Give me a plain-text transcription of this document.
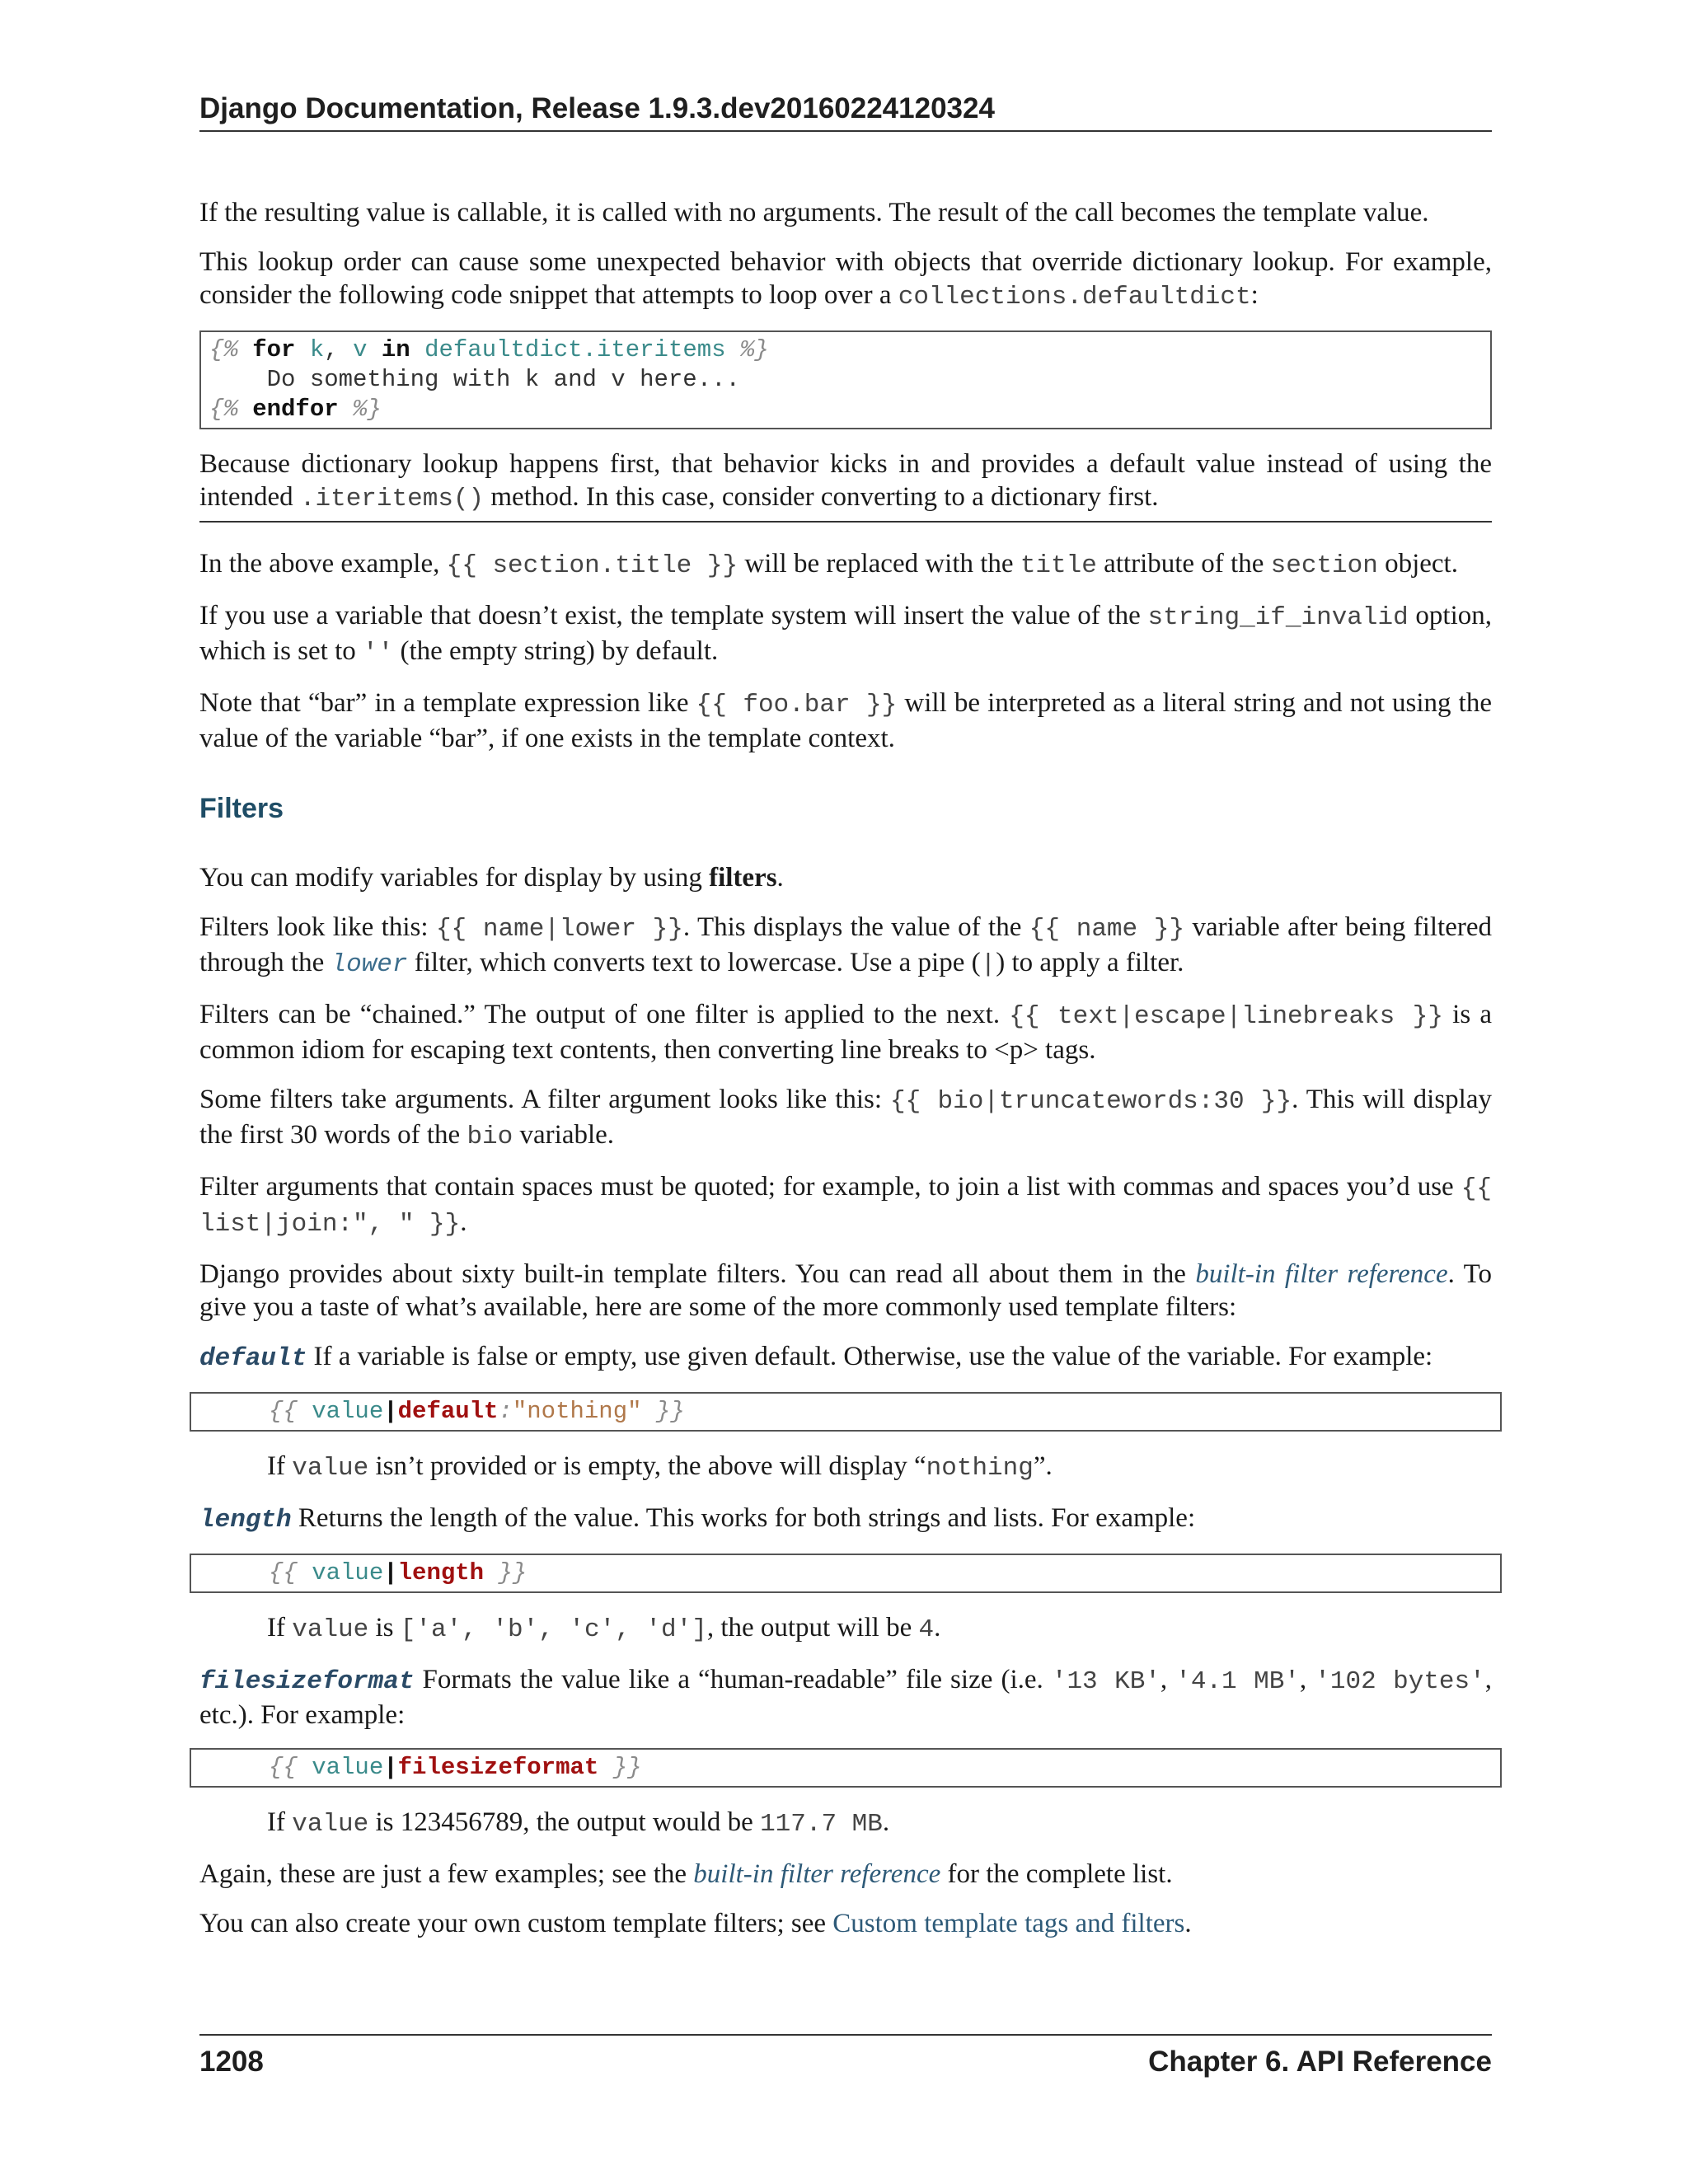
Django Documentation, Release 1.9.3.dev20160224120324

If the resulting value is callable, it is called with no arguments. The result of the call becomes the template value.

This lookup order can cause some unexpected behavior with objects that override dictionary lookup. For example, consider the following code snippet that attempts to loop over a collections.defaultdict:

{% for k, v in defaultdict.iteritems %}
Do something with k and v here...
{% endfor %}

Because dictionary lookup happens first, that behavior kicks in and provides a default value instead of using the intended .iteritems() method. In this case, consider converting to a dictionary first.

In the above example, {{ section.title }} will be replaced with the title attribute of the section object.

If you use a variable that doesn’t exist, the template system will insert the value of the string_if_invalid option, which is set to '' (the empty string) by default.

Note that “bar” in a template expression like {{ foo.bar }} will be interpreted as a literal string and not using the value of the variable “bar”, if one exists in the template context.

Filters

You can modify variables for display by using filters.

Filters look like this: {{ name|lower }}. This displays the value of the {{ name }} variable after being filtered through the lower filter, which converts text to lowercase. Use a pipe (|) to apply a filter.

Filters can be “chained.” The output of one filter is applied to the next. {{ text|escape|linebreaks }} is a common idiom for escaping text contents, then converting line breaks to <p> tags.

Some filters take arguments. A filter argument looks like this: {{ bio|truncatewords:30 }}. This will display the first 30 words of the bio variable.

Filter arguments that contain spaces must be quoted; for example, to join a list with commas and spaces you’d use {{ list|join:", " }}.

Django provides about sixty built-in template filters. You can read all about them in the built-in filter reference. To give you a taste of what’s available, here are some of the more commonly used template filters:

default If a variable is false or empty, use given default. Otherwise, use the value of the variable. For example:

{{ value|default:"nothing" }}

If value isn’t provided or is empty, the above will display “nothing”.

length Returns the length of the value. This works for both strings and lists. For example:

{{ value|length }}

If value is ['a', 'b', 'c', 'd'], the output will be 4.

filesizeformat Formats the value like a “human-readable” file size (i.e. '13 KB', '4.1 MB', '102 bytes', etc.). For example:

{{ value|filesizeformat }}

If value is 123456789, the output would be 117.7 MB.

Again, these are just a few examples; see the built-in filter reference for the complete list.

You can also create your own custom template filters; see Custom template tags and filters.

1208	Chapter 6. API Reference
